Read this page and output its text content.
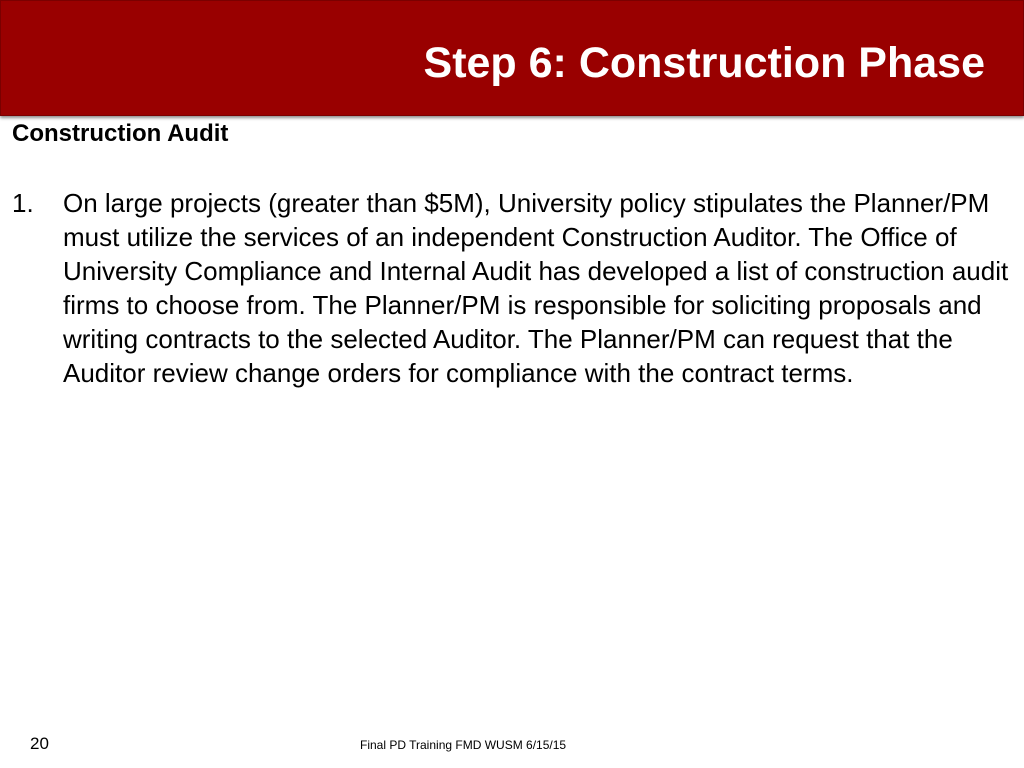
Step 6: Construction Phase
Construction Audit
1.	On large projects (greater than $5M), University policy stipulates the Planner/PM must utilize the services of an independent Construction Auditor. The Office of University Compliance and Internal Audit has developed a list of construction audit firms to choose from. The Planner/PM is responsible for soliciting proposals and writing contracts to the selected Auditor. The Planner/PM can request that the Auditor review change orders for compliance with the contract terms.
20	Final PD Training FMD WUSM 6/15/15
